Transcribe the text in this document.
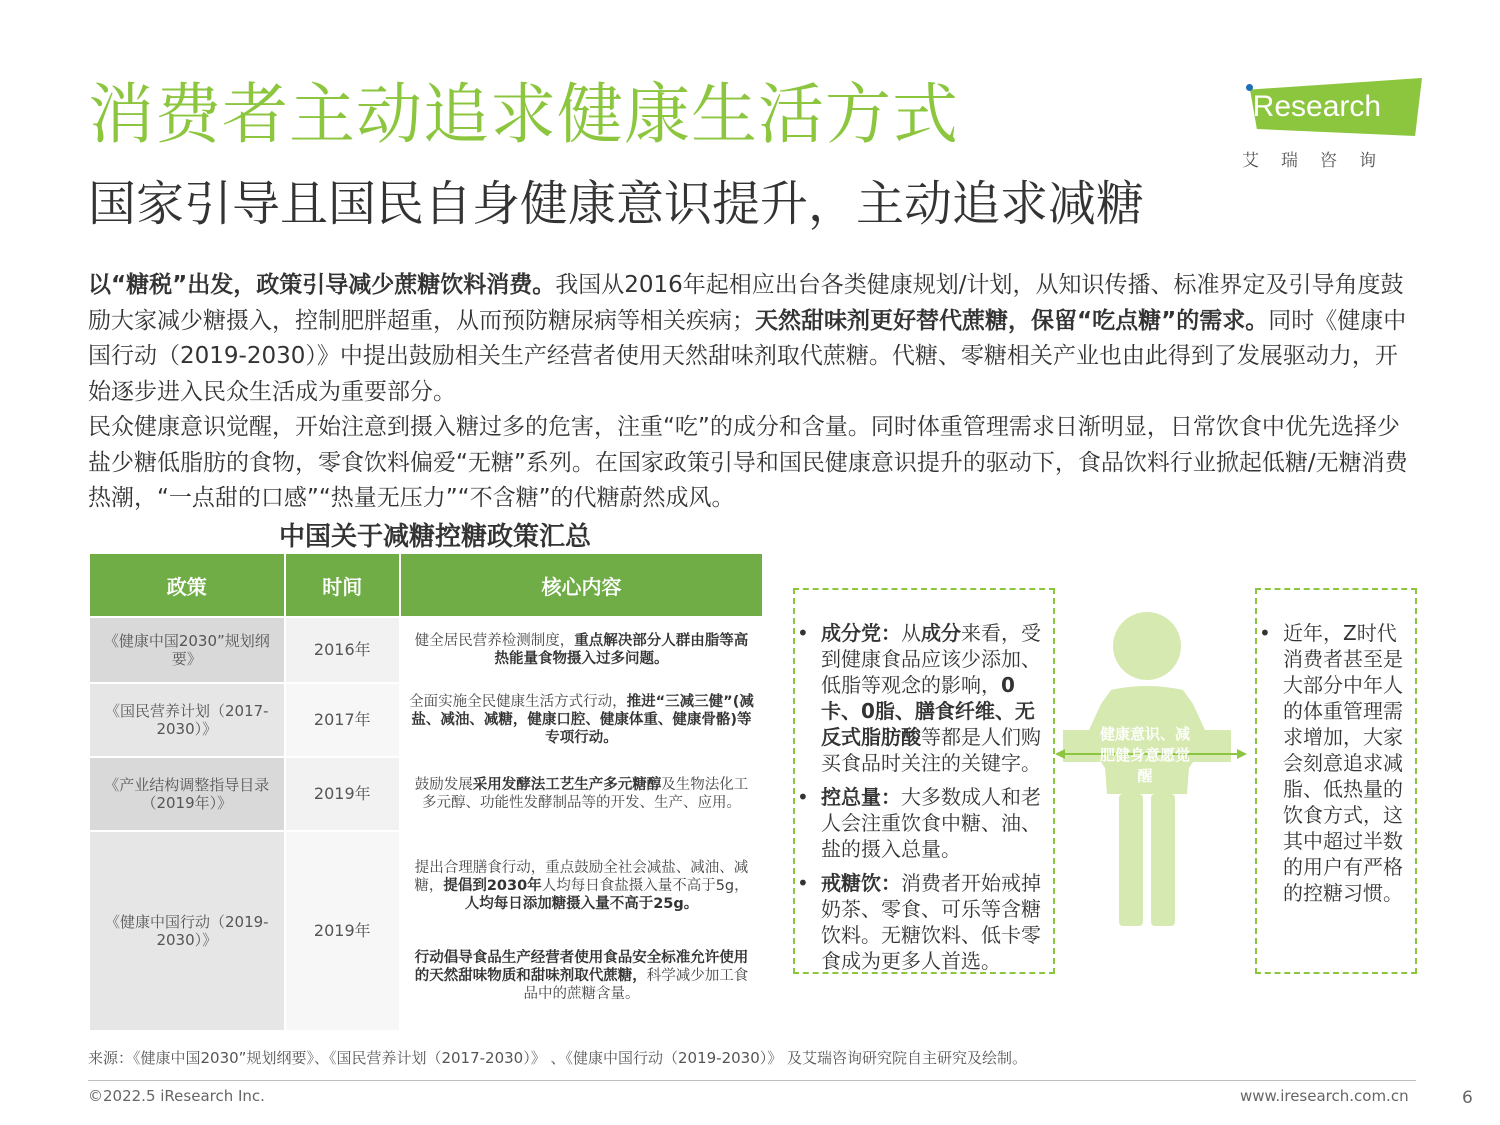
消费者主动追求健康生活方式
国家引导且国民自身健康意识提升，主动追求减糖
iResearch
艾瑞咨询

以“糖税”出发，政策引导减少蔗糖饮料消费。我国从2016年起相应出台各类健康规划/计划，从知识传播、标准界定及引导角度鼓励大家减少糖摄入，控制肥胖超重，从而预防糖尿病等相关疾病；天然甜味剂更好替代蔗糖，保留“吃点糖”的需求。同时《健康中国行动（2019-2030）》中提出鼓励相关生产经营者使用天然甜味剂取代蔗糖。代糖、零糖相关产业也由此得到了发展驱动力，开始逐步进入民众生活成为重要部分。

民众健康意识觉醒，开始注意到摄入糖过多的危害，注重“吃”的成分和含量。同时体重管理需求日渐明显，日常饮食中优先选择少盐少糖低脂肪的食物，零食饮料偏爱“无糖”系列。在国家政策引导和国民健康意识提升的驱动下，食品饮料行业掀起低糖/无糖消费热潮，“一点甜的口感”“热量无压力”“不含糖”的代糖蔚然成风。

中国关于减糖控糖政策汇总
政策	时间	核心内容
《健康中国2030”规划纲要》	2016年	健全居民营养检测制度，重点解决部分人群由脂等高热能量食物摄入过多问题。
《国民营养计划（2017-2030）》	2017年	全面实施全民健康生活方式行动，推进“三减三健”(减盐、减油、减糖，健康口腔、健康体重、健康骨骼)等专项行动。
《产业结构调整指导目录（2019年）》	2019年	鼓励发展采用发酵法工艺生产多元糖醇及生物法化工多元醇、功能性发酵制品等的开发、生产、应用。
《健康中国行动（2019-2030）》	2019年	提出合理膳食行动，重点鼓励全社会减盐、减油、减糖，提倡到2030年人均每日食盐摄入量不高于5g，人均每日添加糖摄入量不高于25g。
行动倡导食品生产经营者使用食品安全标准允许使用的天然甜味物质和甜味剂取代蔗糖，科学减少加工食品中的蔗糖含量。
• 成分党：从成分来看，受到健康食品应该少添加、低脂等观念的影响，0卡、0脂、膳食纤维、无反式脂肪酸等都是人们购买食品时关注的关键字。
• 控总量：大多数成人和老人会注重饮食中糖、油、盐的摄入总量。
• 戒糖饮：消费者开始戒掉奶茶、零食、可乐等含糖饮料。无糖饮料、低卡零食成为更多人首选。
健康意识、减肥健身意愿觉醒
• 近年，Z时代消费者甚至是大部分中年人的体重管理需求增加，大家会刻意追求减脂、低热量的饮食方式，这其中超过半数的用户有严格的控糖习惯。
来源：《健康中国2030”规划纲要》、《国民营养计划（2017-2030）》 、《健康中国行动（2019-2030）》 及艾瑞咨询研究院自主研究及绘制。
©2022.5 iResearch Inc.	www.iresearch.com.cn	6
